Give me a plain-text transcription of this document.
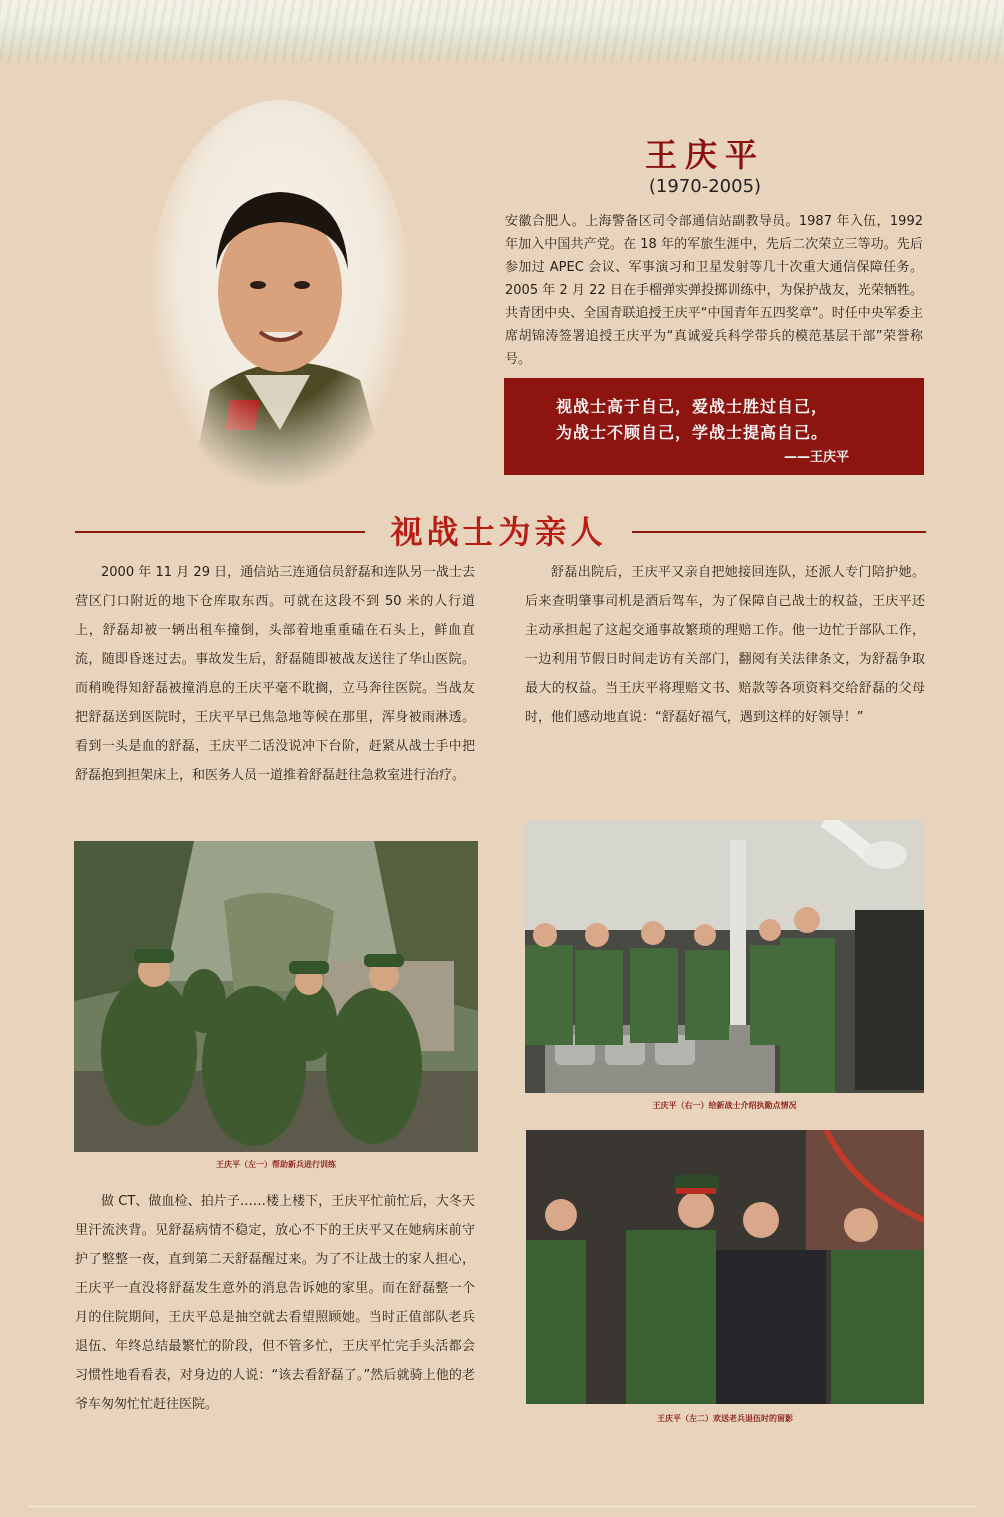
王庆平
(1970-2005)
安徽合肥人。上海警备区司令部通信站副教导员。1987 年入伍，1992 年加入中国共产党。在 18 年的军旅生涯中，先后二次荣立三等功。先后参加过 APEC 会议、军事演习和卫星发射等几十次重大通信保障任务。2005 年 2 月 22 日在手榴弹实弹投掷训练中，为保护战友，光荣牺牲。共青团中央、全国青联追授王庆平“中国青年五四奖章”。时任中央军委主席胡锦涛签署追授王庆平为“真诚爱兵科学带兵的模范基层干部”荣誉称号。
视战士高于自己，爱战士胜过自己，
为战士不顾自己，学战士提高自己。
——王庆平
视战士为亲人
2000 年 11 月 29 日，通信站三连通信员舒磊和连队另一战士去营区门口附近的地下仓库取东西。可就在这段不到 50 米的人行道上，舒磊却被一辆出租车撞倒，头部着地重重磕在石头上，鲜血直流，随即昏迷过去。事故发生后，舒磊随即被战友送往了华山医院。而稍晚得知舒磊被撞消息的王庆平毫不耽搁，立马奔往医院。当战友把舒磊送到医院时，王庆平早已焦急地等候在那里，浑身被雨淋透。看到一头是血的舒磊，王庆平二话没说冲下台阶，赶紧从战士手中把舒磊抱到担架床上，和医务人员一道推着舒磊赶往急救室进行治疗。
舒磊出院后，王庆平又亲自把她接回连队，还派人专门陪护她。后来查明肇事司机是酒后驾车，为了保障自己战士的权益，王庆平还主动承担起了这起交通事故繁琐的理赔工作。他一边忙于部队工作，一边利用节假日时间走访有关部门，翻阅有关法律条文，为舒磊争取最大的权益。当王庆平将理赔文书、赔款等各项资料交给舒磊的父母时，他们感动地直说：“舒磊好福气，遇到这样的好领导！”
王庆平（左一）帮助新兵进行训练
王庆平（右一）给新战士介绍执勤点情况
王庆平（左二）欢送老兵退伍时的留影
做 CT、做血检、拍片子……楼上楼下，王庆平忙前忙后，大冬天里汗流浃背。见舒磊病情不稳定，放心不下的王庆平又在她病床前守护了整整一夜，直到第二天舒磊醒过来。为了不让战士的家人担心，王庆平一直没将舒磊发生意外的消息告诉她的家里。而在舒磊整一个月的住院期间，王庆平总是抽空就去看望照顾她。当时正值部队老兵退伍、年终总结最繁忙的阶段，但不管多忙，王庆平忙完手头活都会习惯性地看看表，对身边的人说：“该去看舒磊了。”然后就骑上他的老爷车匆匆忙忙赶往医院。
